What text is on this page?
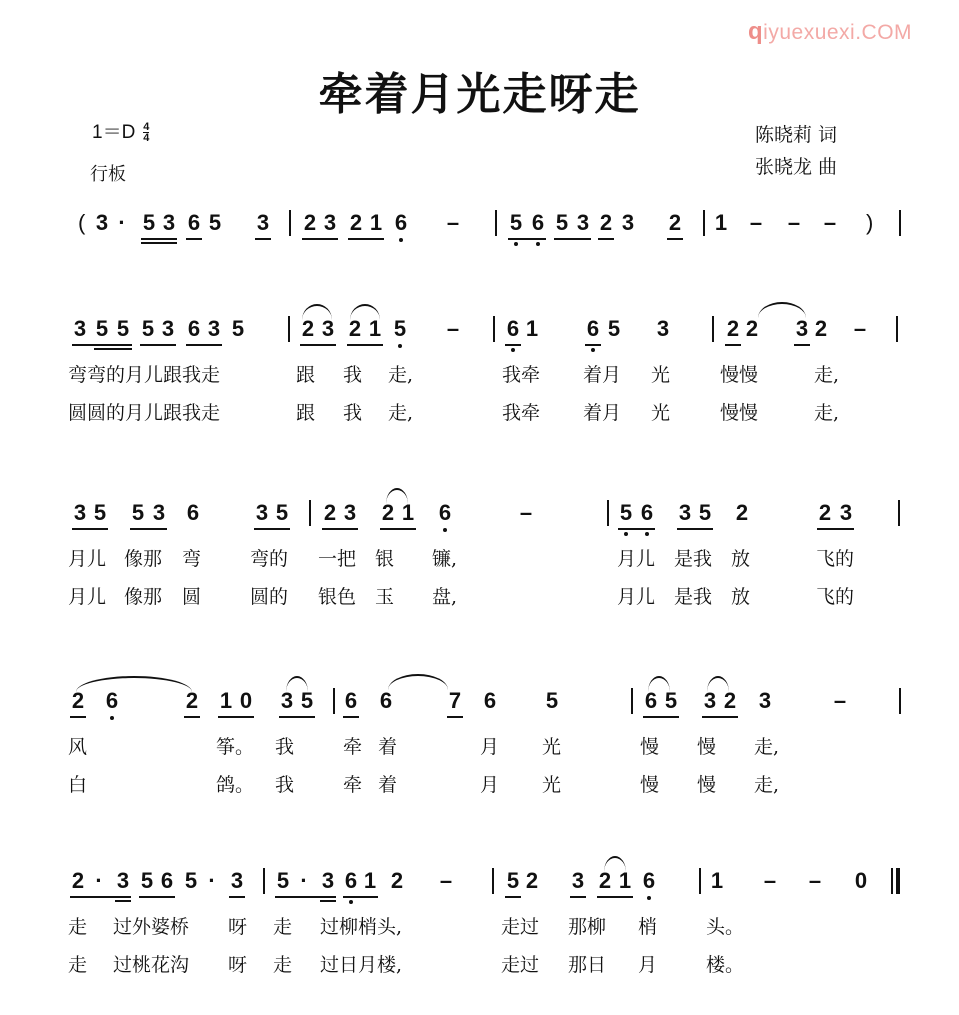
qiyuexuexi.COM
牵着月光走呀走
$1=D \frac{4}{4}$
行板
陈晓莉 词
张晓龙 曲
( 3 · 5 3 6 5 3 2 3 2 1 6 – 5 6 5 3 2 3 2 1 – – – )
3 5 5 5 3 6 3 5	2 3 2 1 5 – 6 1 6 5 3	2 2 3 2 –
弯弯的月儿跟我走	跟 我 走,	我牵 着月 光	慢慢	走,
圆圆的月儿跟我走	跟 我 走,	我牵 着月 光	慢慢	走,
3 5 5 3 6	3 5 2 3 2 1 6	–	5 6 3 5 2	2 3
月儿 像那 弯	弯的 一把 银 镰,	月儿 是我 放	飞的
月儿 像那 圆	圆的 银色 玉 盘,	月儿 是我 放	飞的
2 6	2 1 0 3 5 6 6	7 6 5	6 5 3 2 3	–
风	筝。 我	牵 着	月 光	慢 慢 走,
白	鸽。 我	牵 着	月 光	慢 慢 走,
2 · 3 5 6 5 · 3 5 · 3 6 1 2 – 5 2 3 2 1 6	1 – – 0
走 过外婆桥 呀 走 过柳梢头,	走过 那柳 梢	头。
走 过桃花沟 呀 走 过日月楼,	走过 那日 月	楼。
